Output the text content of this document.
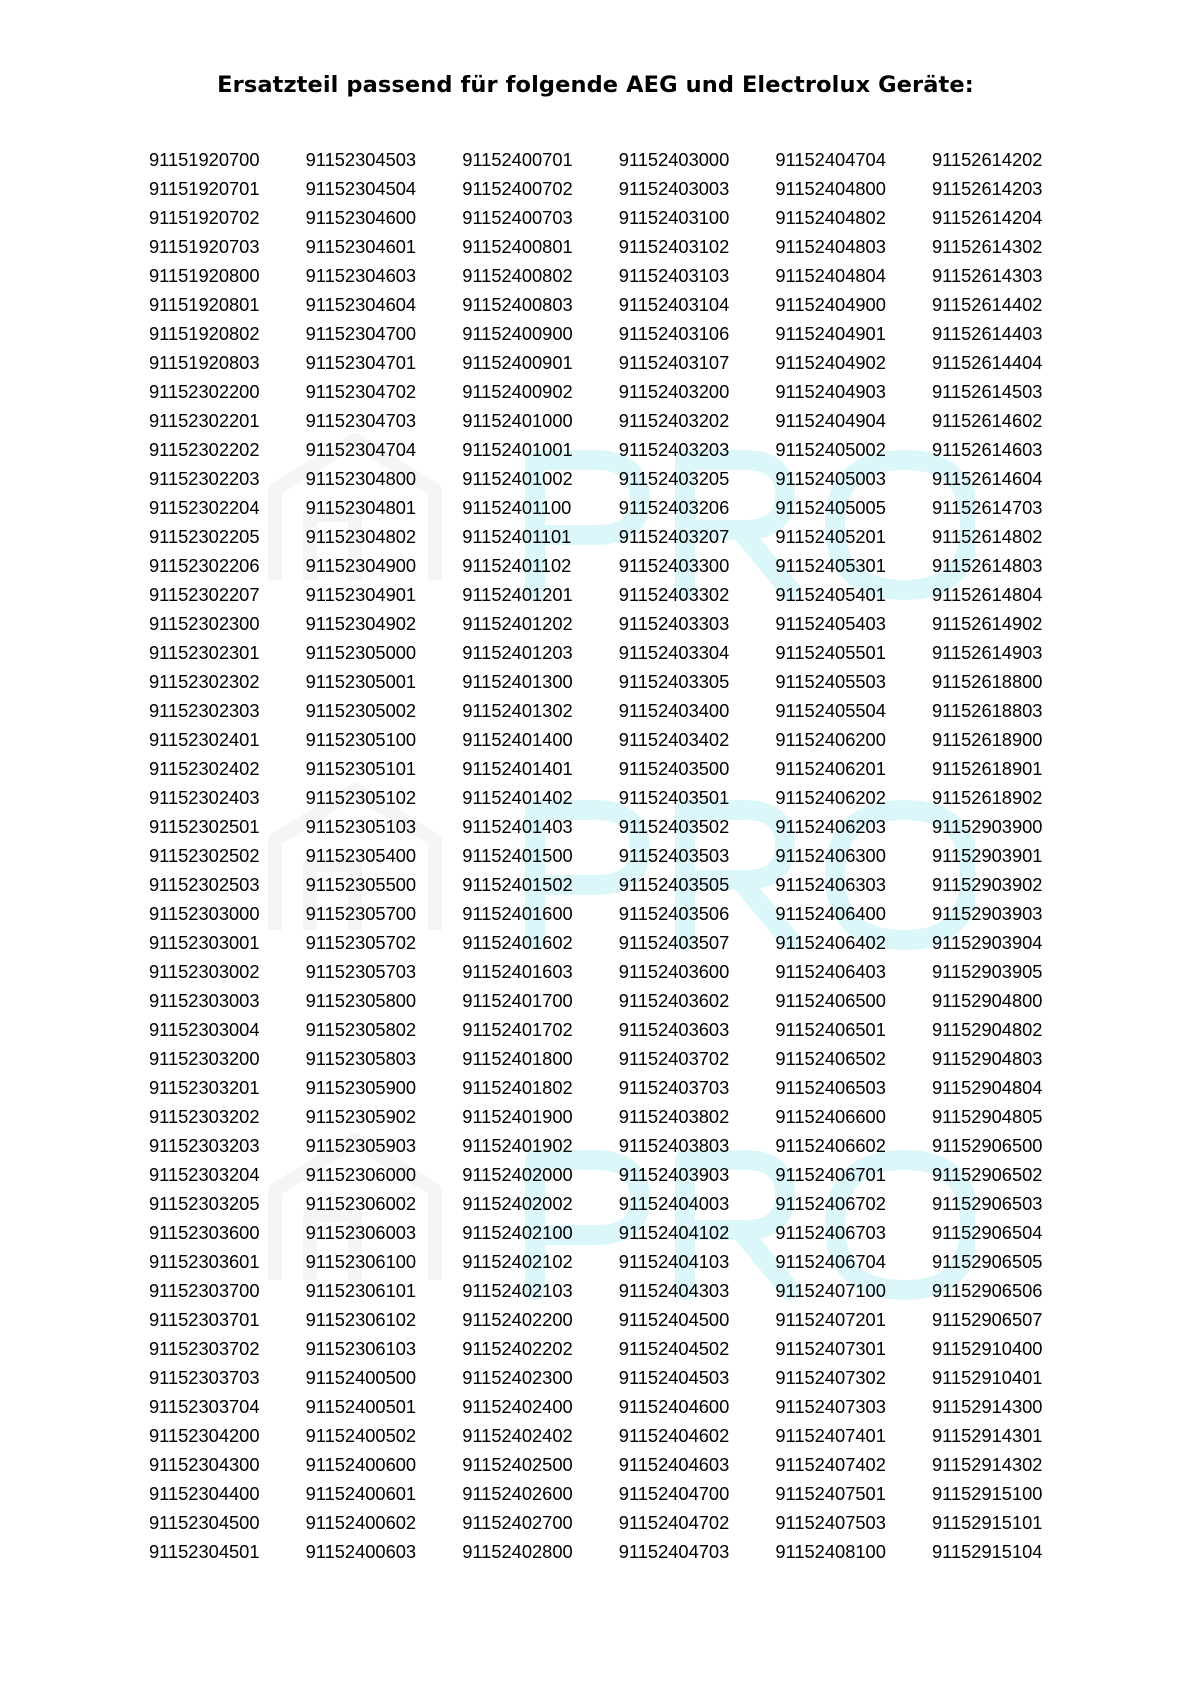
Ersatzteil passend für folgende AEG und Electrolux Geräte:
91151920700
91151920701
91151920702
91151920703
91151920800
91151920801
91151920802
91151920803
91152302200
91152302201
91152302202
91152302203
91152302204
91152302205
91152302206
91152302207
91152302300
91152302301
91152302302
91152302303
91152302401
91152302402
91152302403
91152302501
91152302502
91152302503
91152303000
91152303001
91152303002
91152303003
91152303004
91152303200
91152303201
91152303202
91152303203
91152303204
91152303205
91152303600
91152303601
91152303700
91152303701
91152303702
91152303703
91152303704
91152304200
91152304300
91152304400
91152304500
91152304501
91152304503
91152304504
91152304600
91152304601
91152304603
91152304604
91152304700
91152304701
91152304702
91152304703
91152304704
91152304800
91152304801
91152304802
91152304900
91152304901
91152304902
91152305000
91152305001
91152305002
91152305100
91152305101
91152305102
91152305103
91152305400
91152305500
91152305700
91152305702
91152305703
91152305800
91152305802
91152305803
91152305900
91152305902
91152305903
91152306000
91152306002
91152306003
91152306100
91152306101
91152306102
91152306103
91152400500
91152400501
91152400502
91152400600
91152400601
91152400602
91152400603
91152400701
91152400702
91152400703
91152400801
91152400802
91152400803
91152400900
91152400901
91152400902
91152401000
91152401001
91152401002
91152401100
91152401101
91152401102
91152401201
91152401202
91152401203
91152401300
91152401302
91152401400
91152401401
91152401402
91152401403
91152401500
91152401502
91152401600
91152401602
91152401603
91152401700
91152401702
91152401800
91152401802
91152401900
91152401902
91152402000
91152402002
91152402100
91152402102
91152402103
91152402200
91152402202
91152402300
91152402400
91152402402
91152402500
91152402600
91152402700
91152402800
91152403000
91152403003
91152403100
91152403102
91152403103
91152403104
91152403106
91152403107
91152403200
91152403202
91152403203
91152403205
91152403206
91152403207
91152403300
91152403302
91152403303
91152403304
91152403305
91152403400
91152403402
91152403500
91152403501
91152403502
91152403503
91152403505
91152403506
91152403507
91152403600
91152403602
91152403603
91152403702
91152403703
91152403802
91152403803
91152403903
91152404003
91152404102
91152404103
91152404303
91152404500
91152404502
91152404503
91152404600
91152404602
91152404603
91152404700
91152404702
91152404703
91152404704
91152404800
91152404802
91152404803
91152404804
91152404900
91152404901
91152404902
91152404903
91152404904
91152405002
91152405003
91152405005
91152405201
91152405301
91152405401
91152405403
91152405501
91152405503
91152405504
91152406200
91152406201
91152406202
91152406203
91152406300
91152406303
91152406400
91152406402
91152406403
91152406500
91152406501
91152406502
91152406503
91152406600
91152406602
91152406701
91152406702
91152406703
91152406704
91152407100
91152407201
91152407301
91152407302
91152407303
91152407401
91152407402
91152407501
91152407503
91152408100
91152614202
91152614203
91152614204
91152614302
91152614303
91152614402
91152614403
91152614404
91152614503
91152614602
91152614603
91152614604
91152614703
91152614802
91152614803
91152614804
91152614902
91152614903
91152618800
91152618803
91152618900
91152618901
91152618902
91152903900
91152903901
91152903902
91152903903
91152903904
91152903905
91152904800
91152904802
91152904803
91152904804
91152904805
91152906500
91152906502
91152906503
91152906504
91152906505
91152906506
91152906507
91152910400
91152910401
91152914300
91152914301
91152914302
91152915100
91152915101
91152915104
